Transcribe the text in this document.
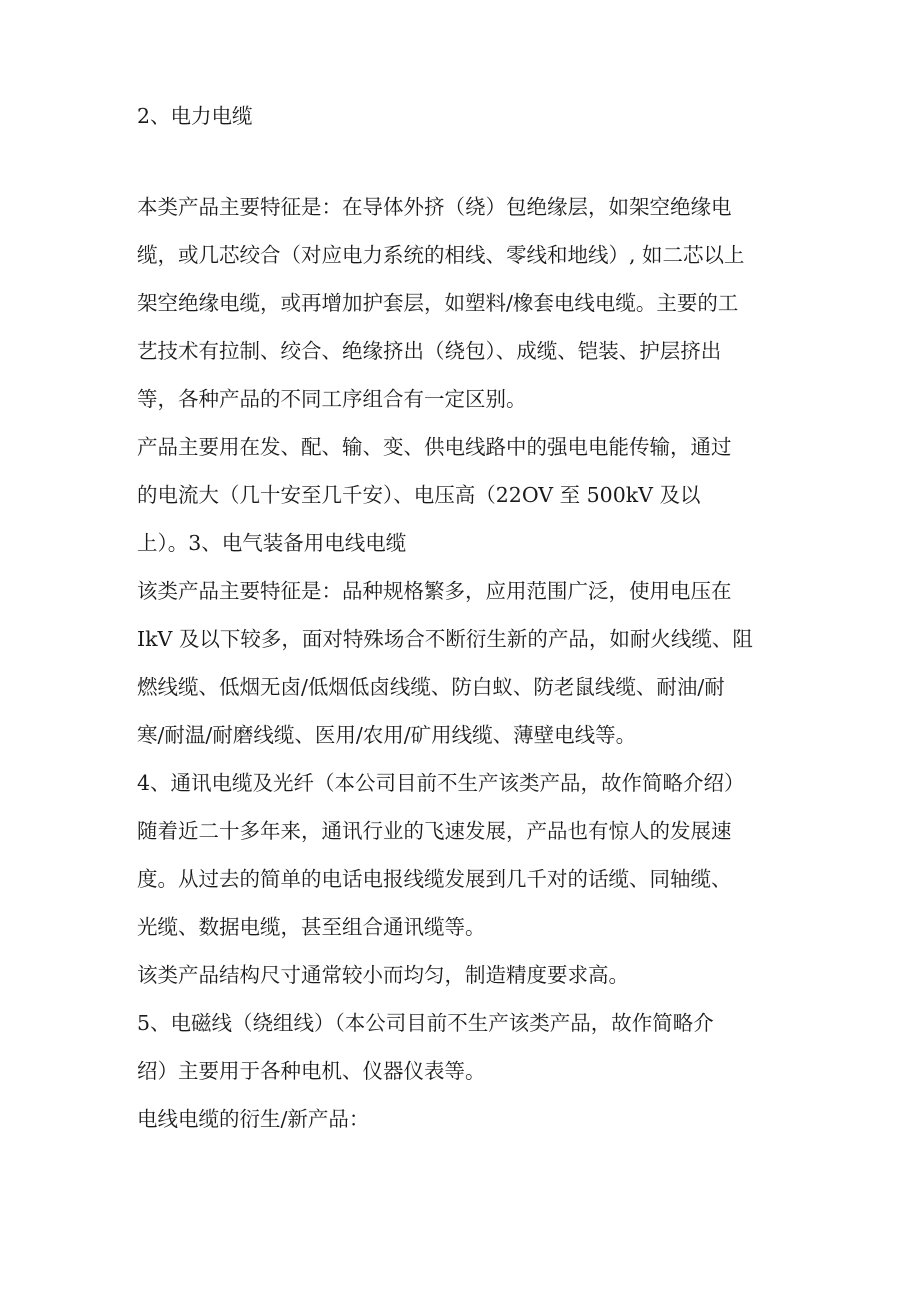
2、电力电缆

本类产品主要特征是：在导体外挤（绕）包绝缘层，如架空绝缘电

缆，或几芯绞合（对应电力系统的相线、零线和地线）, 如二芯以上

架空绝缘电缆，或再增加护套层，如塑料/橡套电线电缆。主要的工

艺技术有拉制、绞合、绝缘挤出（绕包）、成缆、铠装、护层挤出

等，各种产品的不同工序组合有一定区别。

产品主要用在发、配、输、变、供电线路中的强电电能传输，通过

的电流大（几十安至几千安）、电压高（22OV 至 500kV 及以

上）。3、电气装备用电线电缆

该类产品主要特征是：品种规格繁多，应用范围广泛，使用电压在

IkV 及以下较多，面对特殊场合不断衍生新的产品，如耐火线缆、阻

燃线缆、低烟无卤/低烟低卤线缆、防白蚁、防老鼠线缆、耐油/耐

寒/耐温/耐磨线缆、医用/农用/矿用线缆、薄壁电线等。

4、通讯电缆及光纤（本公司目前不生产该类产品，故作简略介绍）

随着近二十多年来，通讯行业的飞速发展，产品也有惊人的发展速

度。从过去的简单的电话电报线缆发展到几千对的话缆、同轴缆、

光缆、数据电缆，甚至组合通讯缆等。

该类产品结构尺寸通常较小而均匀，制造精度要求高。

5、电磁线（绕组线）（本公司目前不生产该类产品，故作简略介

绍）主要用于各种电机、仪器仪表等。

电线电缆的衍生/新产品：
